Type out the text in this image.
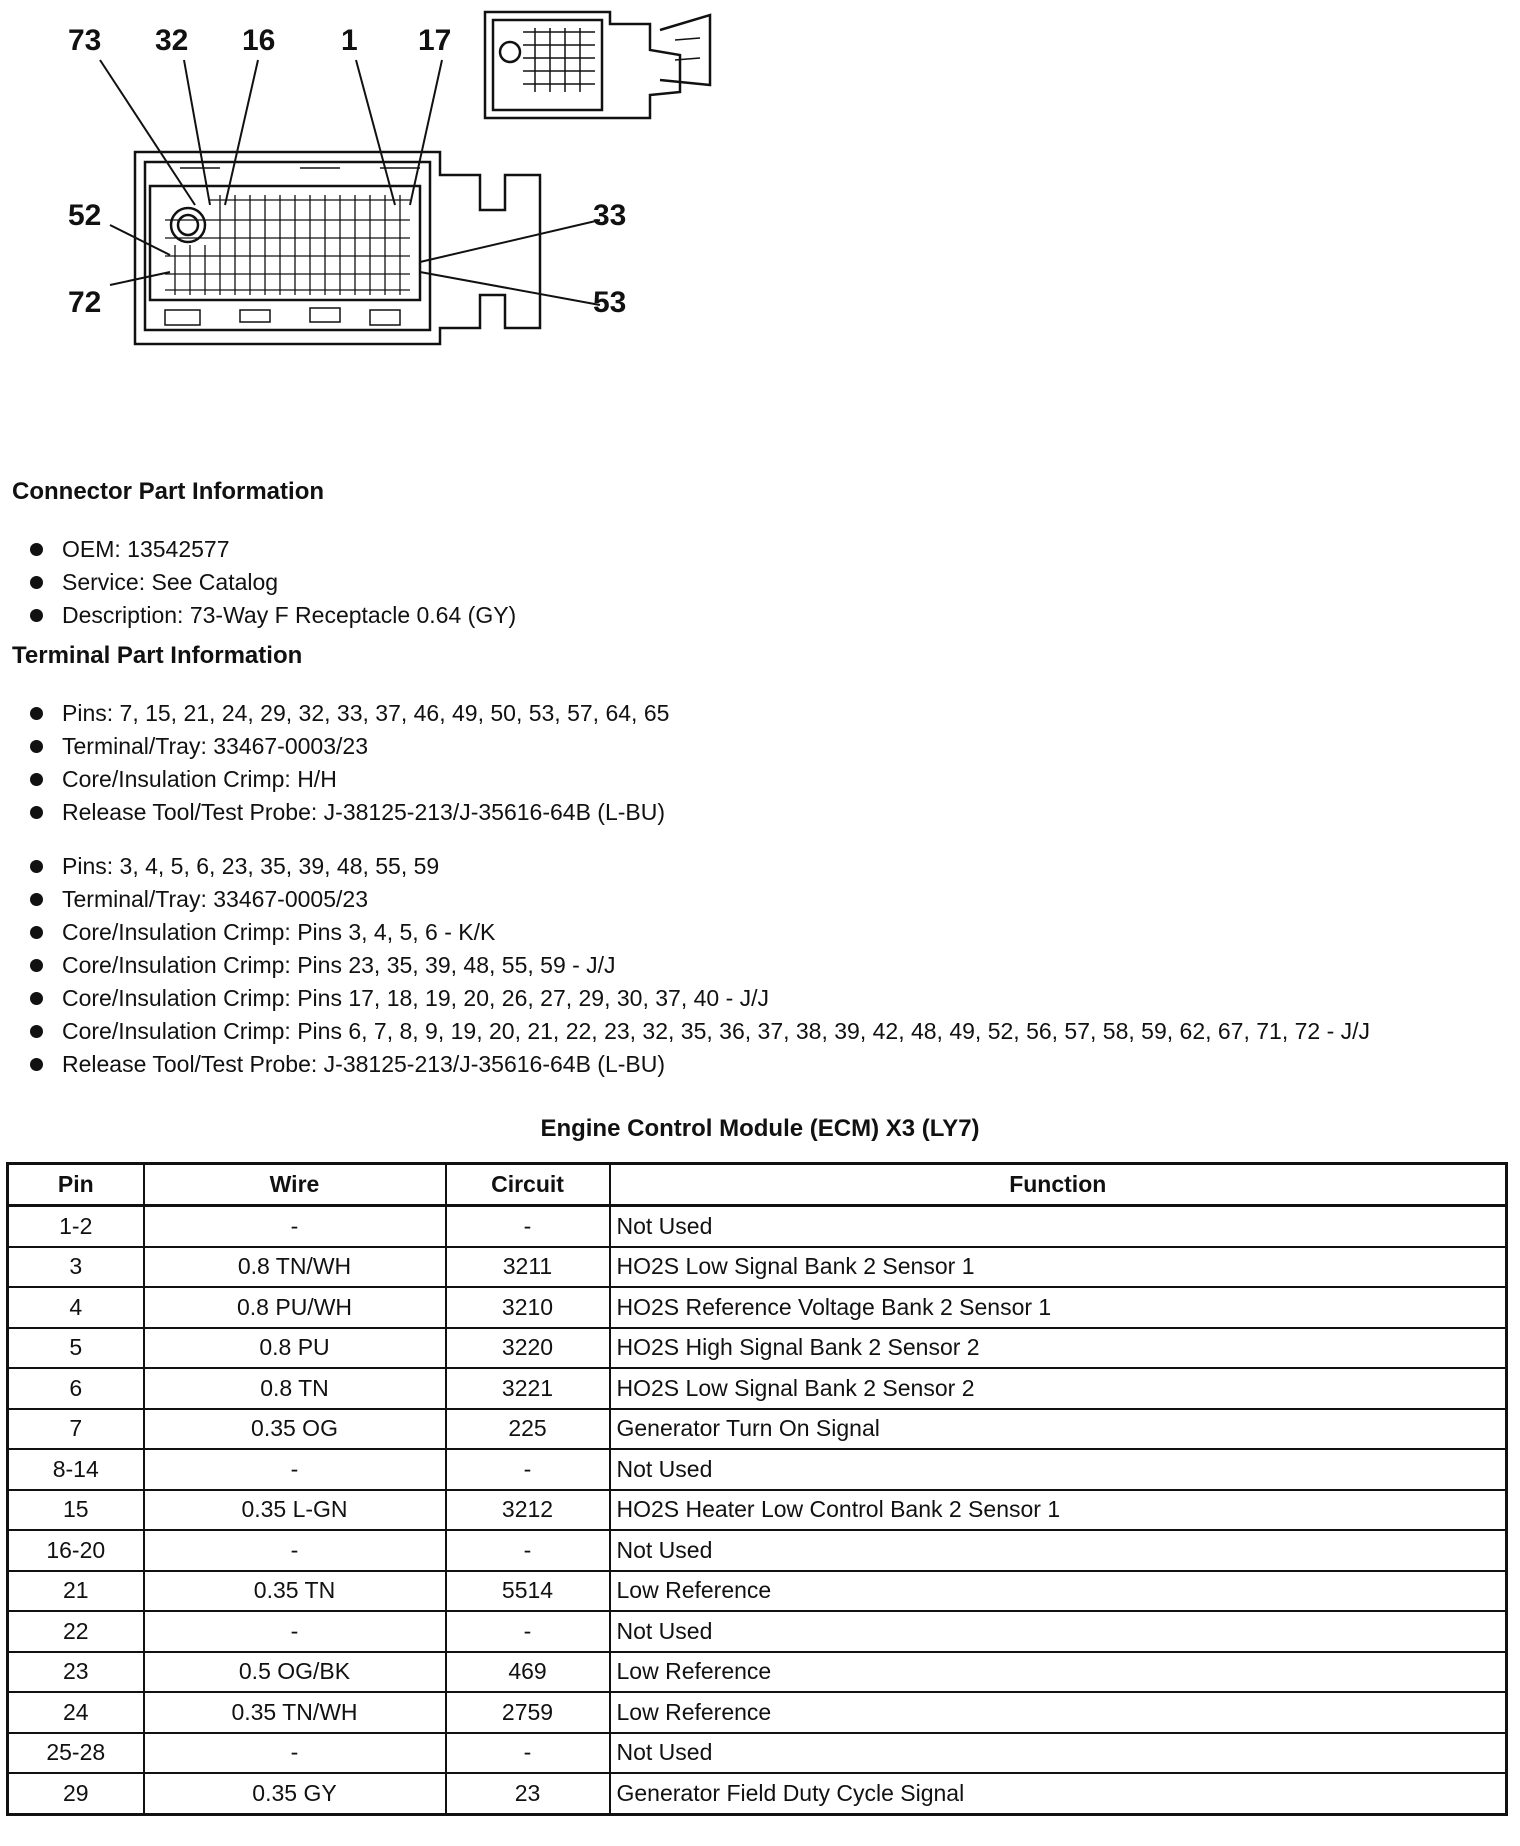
73 32 16 1 17
52
72
33
53
Connector Part Information
OEM: 13542577
Service: See Catalog
Description: 73-Way F Receptacle 0.64 (GY)
Terminal Part Information
Pins: 7, 15, 21, 24, 29, 32, 33, 37, 46, 49, 50, 53, 57, 64, 65
Terminal/Tray: 33467-0003/23
Core/Insulation Crimp: H/H
Release Tool/Test Probe: J-38125-213/J-35616-64B (L-BU)
Pins: 3, 4, 5, 6, 23, 35, 39, 48, 55, 59
Terminal/Tray: 33467-0005/23
Core/Insulation Crimp: Pins 3, 4, 5, 6 - K/K
Core/Insulation Crimp: Pins 23, 35, 39, 48, 55, 59 - J/J
Core/Insulation Crimp: Pins 17, 18, 19, 20, 26, 27, 29, 30, 37, 40 - J/J
Core/Insulation Crimp: Pins 6, 7, 8, 9, 19, 20, 21, 22, 23, 32, 35, 36, 37, 38, 39, 42, 48, 49, 52, 56, 57, 58, 59, 62, 67, 71, 72 - J/J
Release Tool/Test Probe: J-38125-213/J-35616-64B (L-BU)
Engine Control Module (ECM) X3 (LY7)
Pin	Wire	Circuit	Function
1-2	-	-	Not Used
3	0.8 TN/WH	3211	HO2S Low Signal Bank 2 Sensor 1
4	0.8 PU/WH	3210	HO2S Reference Voltage Bank 2 Sensor 1
5	0.8 PU	3220	HO2S High Signal Bank 2 Sensor 2
6	0.8 TN	3221	HO2S Low Signal Bank 2 Sensor 2
7	0.35 OG	225	Generator Turn On Signal
8-14	-	-	Not Used
15	0.35 L-GN	3212	HO2S Heater Low Control Bank 2 Sensor 1
16-20	-	-	Not Used
21	0.35 TN	5514	Low Reference
22	-	-	Not Used
23	0.5 OG/BK	469	Low Reference
24	0.35 TN/WH	2759	Low Reference
25-28	-	-	Not Used
29	0.35 GY	23	Generator Field Duty Cycle Signal
